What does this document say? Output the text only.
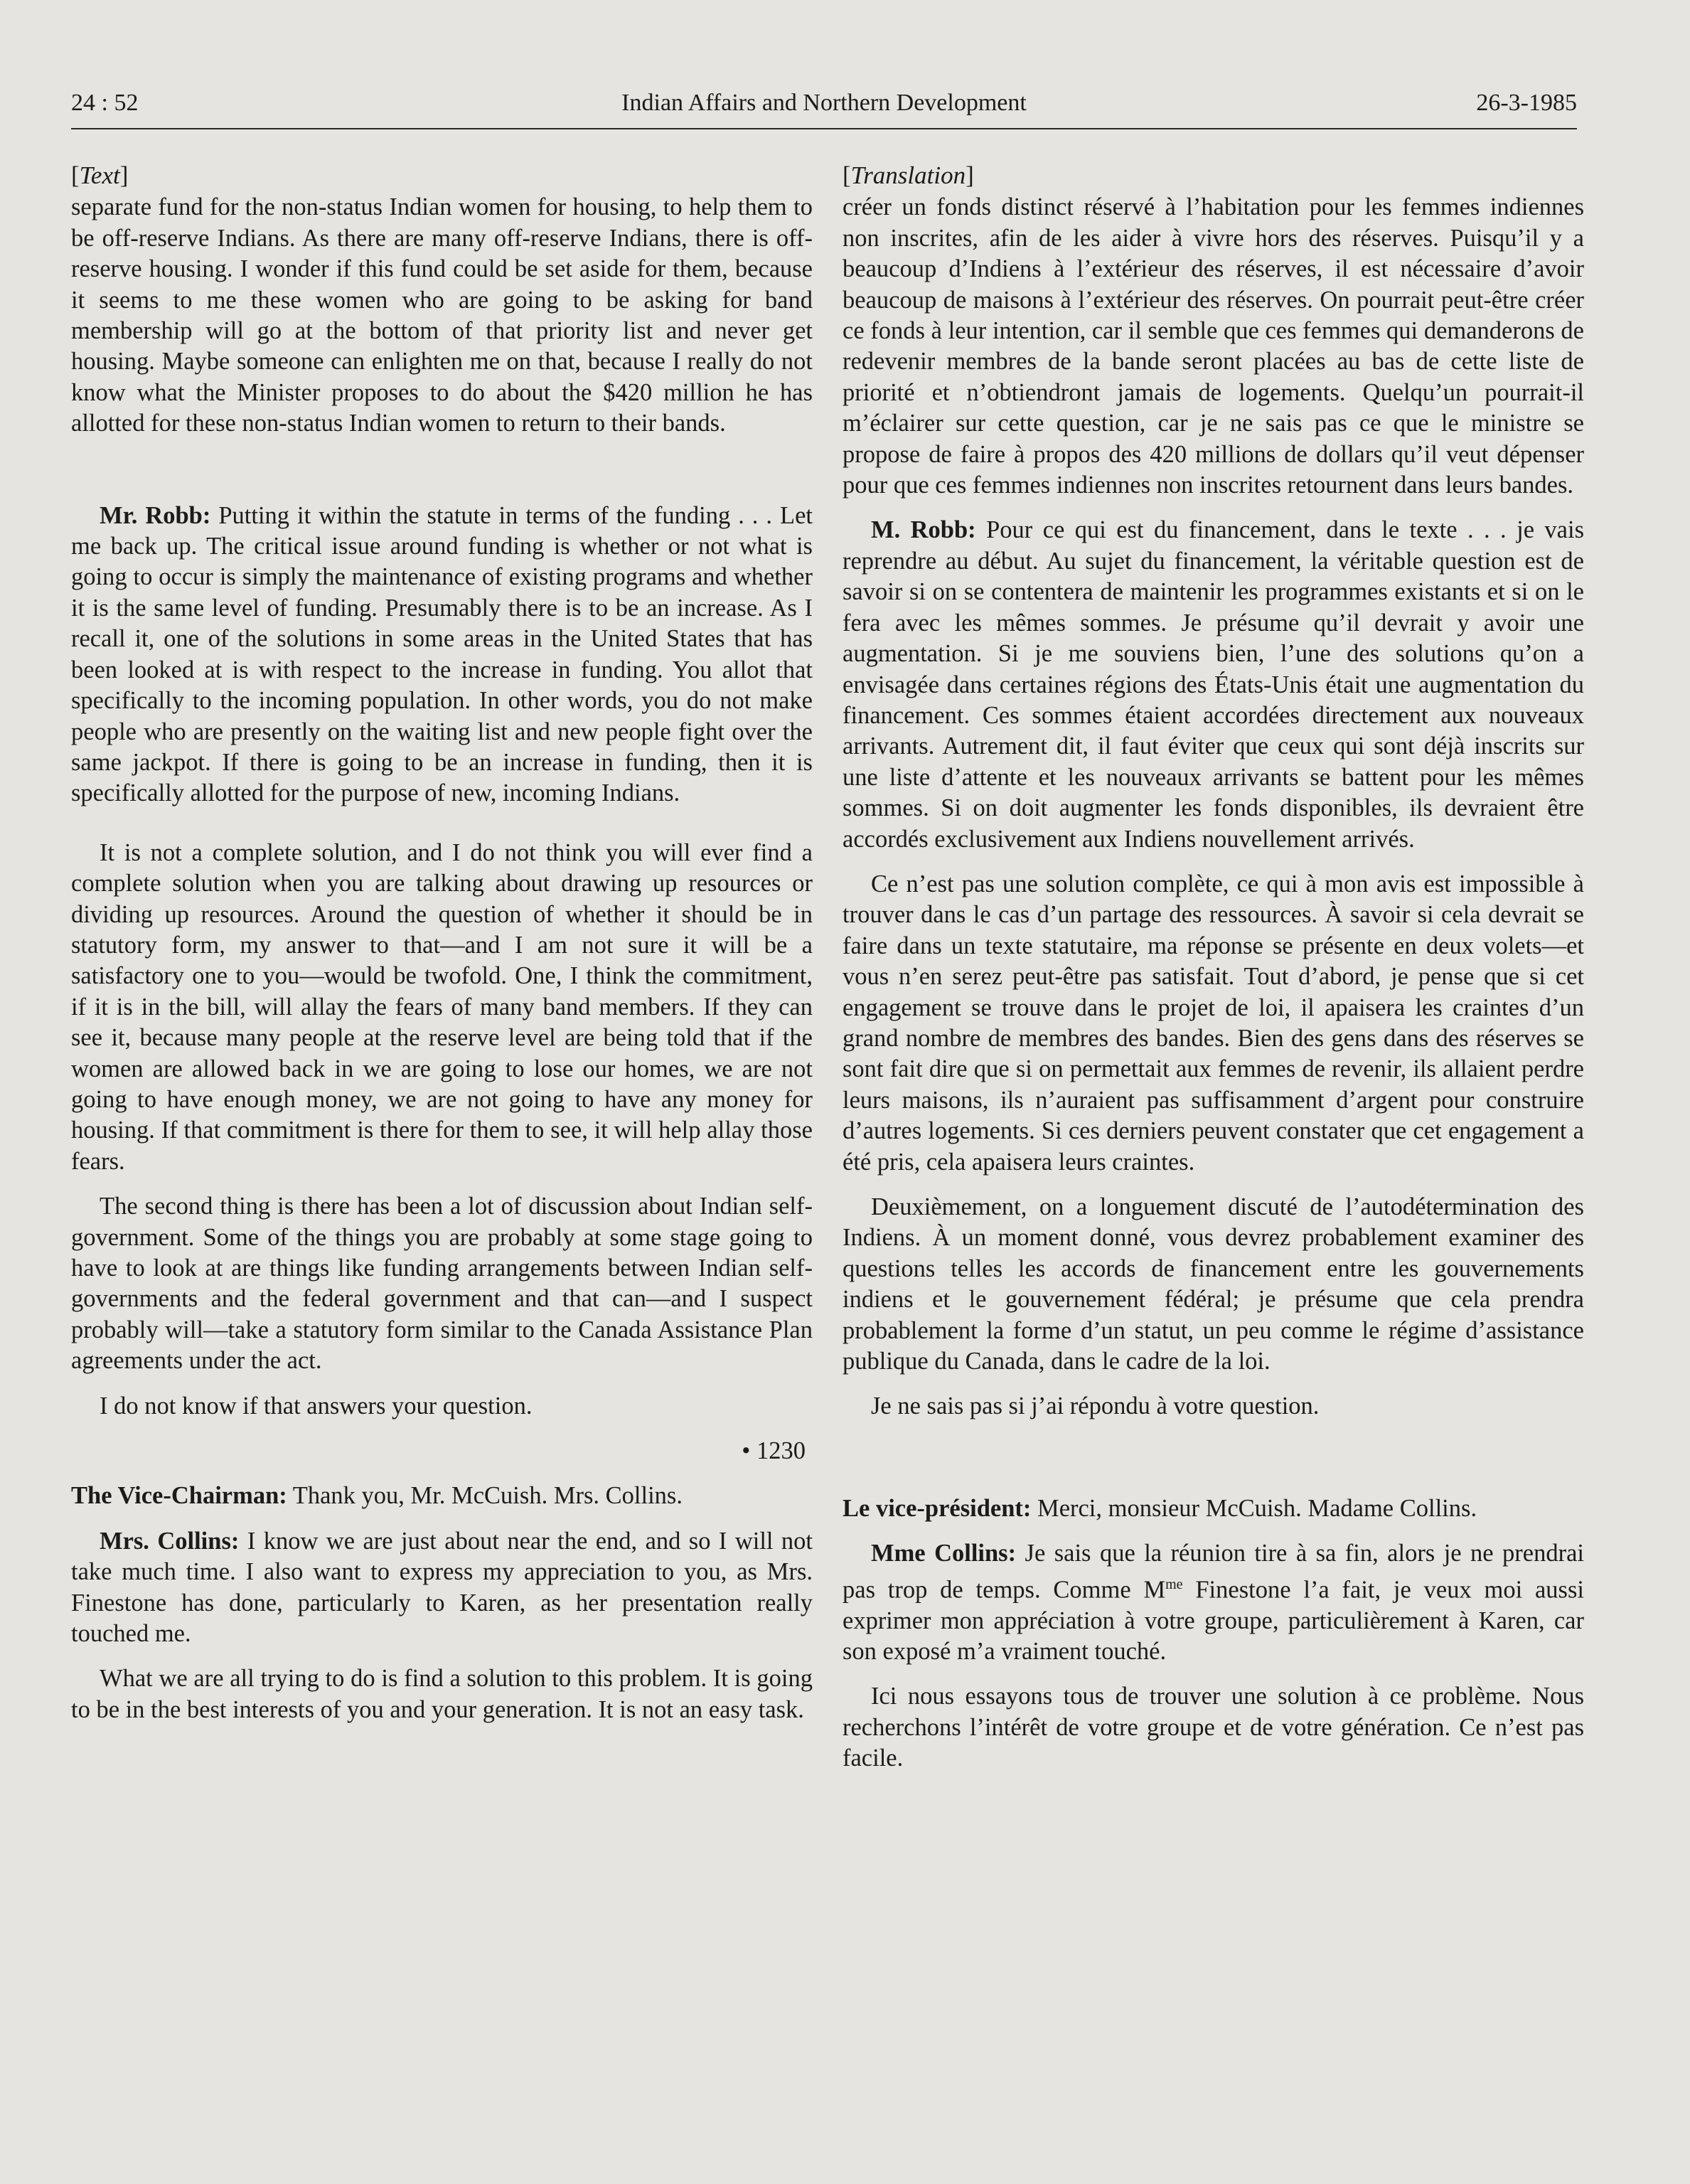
24 : 52	Indian Affairs and Northern Development	26-3-1985
[Text]

separate fund for the non-status Indian women for housing, to help them to be off-reserve Indians. As there are many off-reserve Indians, there is off-reserve housing. I wonder if this fund could be set aside for them, because it seems to me these women who are going to be asking for band membership will go at the bottom of that priority list and never get housing. Maybe someone can enlighten me on that, because I really do not know what the Minister proposes to do about the $420 million he has allotted for these non-status Indian women to return to their bands.

Mr. Robb: Putting it within the statute in terms of the funding . . . Let me back up. The critical issue around funding is whether or not what is going to occur is simply the maintenance of existing programs and whether it is the same level of funding. Presumably there is to be an increase. As I recall it, one of the solutions in some areas in the United States that has been looked at is with respect to the increase in funding. You allot that specifically to the incoming population. In other words, you do not make people who are presently on the waiting list and new people fight over the same jackpot. If there is going to be an increase in funding, then it is specifically allotted for the purpose of new, incoming Indians.

It is not a complete solution, and I do not think you will ever find a complete solution when you are talking about drawing up resources or dividing up resources. Around the question of whether it should be in statutory form, my answer to that—and I am not sure it will be a satisfactory one to you—would be twofold. One, I think the commitment, if it is in the bill, will allay the fears of many band members. If they can see it, because many people at the reserve level are being told that if the women are allowed back in we are going to lose our homes, we are not going to have enough money, we are not going to have any money for housing. If that commitment is there for them to see, it will help allay those fears.

The second thing is there has been a lot of discussion about Indian self-government. Some of the things you are probably at some stage going to have to look at are things like funding arrangements between Indian self-governments and the federal government and that can—and I suspect probably will—take a statutory form similar to the Canada Assistance Plan agreements under the act.

I do not know if that answers your question.

• 1230

The Vice-Chairman: Thank you, Mr. McCuish. Mrs. Collins.

Mrs. Collins: I know we are just about near the end, and so I will not take much time. I also want to express my appreciation to you, as Mrs. Finestone has done, particularly to Karen, as her presentation really touched me.

What we are all trying to do is find a solution to this problem. It is going to be in the best interests of you and your generation. It is not an easy task.

[Translation]

créer un fonds distinct réservé à l’habitation pour les femmes indiennes non inscrites, afin de les aider à vivre hors des réserves. Puisqu’il y a beaucoup d’Indiens à l’extérieur des réserves, il est nécessaire d’avoir beaucoup de maisons à l’extérieur des réserves. On pourrait peut-être créer ce fonds à leur intention, car il semble que ces femmes qui demanderons de redevenir membres de la bande seront placées au bas de cette liste de priorité et n’obtiendront jamais de logements. Quelqu’un pourrait-il m’éclairer sur cette question, car je ne sais pas ce que le ministre se propose de faire à propos des 420 millions de dollars qu’il veut dépenser pour que ces femmes indiennes non inscrites retournent dans leurs bandes.

M. Robb: Pour ce qui est du financement, dans le texte . . . je vais reprendre au début. Au sujet du financement, la véritable question est de savoir si on se contentera de maintenir les programmes existants et si on le fera avec les mêmes sommes. Je présume qu’il devrait y avoir une augmentation. Si je me souviens bien, l’une des solutions qu’on a envisagée dans certaines régions des États-Unis était une augmentation du financement. Ces sommes étaient accordées directement aux nouveaux arrivants. Autrement dit, il faut éviter que ceux qui sont déjà inscrits sur une liste d’attente et les nouveaux arrivants se battent pour les mêmes sommes. Si on doit augmenter les fonds disponibles, ils devraient être accordés exclusivement aux Indiens nouvellement arrivés.

Ce n’est pas une solution complète, ce qui à mon avis est impossible à trouver dans le cas d’un partage des ressources. À savoir si cela devrait se faire dans un texte statutaire, ma réponse se présente en deux volets—et vous n’en serez peut-être pas satisfait. Tout d’abord, je pense que si cet engagement se trouve dans le projet de loi, il apaisera les craintes d’un grand nombre de membres des bandes. Bien des gens dans des réserves se sont fait dire que si on permettait aux femmes de revenir, ils allaient perdre leurs maisons, ils n’auraient pas suffisamment d’argent pour construire d’autres logements. Si ces derniers peuvent constater que cet engagement a été pris, cela apaisera leurs craintes.

Deuxièmement, on a longuement discuté de l’autodétermination des Indiens. À un moment donné, vous devrez probablement examiner des questions telles les accords de financement entre les gouvernements indiens et le gouvernement fédéral; je présume que cela prendra probablement la forme d’un statut, un peu comme le régime d’assistance publique du Canada, dans le cadre de la loi.

Je ne sais pas si j’ai répondu à votre question.

Le vice-président: Merci, monsieur McCuish. Madame Collins.

Mme Collins: Je sais que la réunion tire à sa fin, alors je ne prendrai pas trop de temps. Comme $M^{me}$ Finestone l’a fait, je veux moi aussi exprimer mon appréciation à votre groupe, particulièrement à Karen, car son exposé m’a vraiment touché.

Ici nous essayons tous de trouver une solution à ce problème. Nous recherchons l’intérêt de votre groupe et de votre génération. Ce n’est pas facile.
